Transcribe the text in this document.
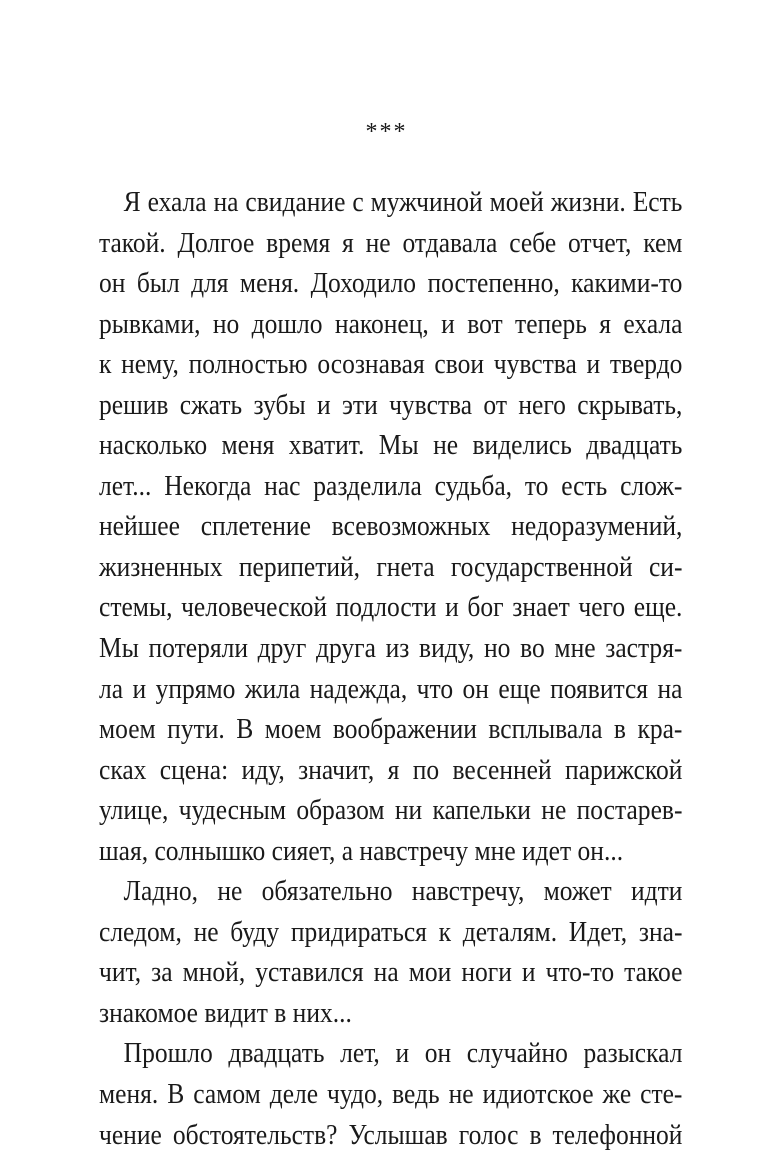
***
Я ехала на свидание с мужчиной моей жизни. Есть
такой. Долгое время я не отдавала себе отчет, кем
он был для меня. Доходило постепенно, какими-то
рывками, но дошло наконец, и вот теперь я ехала
к нему, полностью осознавая свои чувства и твердо
решив сжать зубы и эти чувства от него скрывать,
насколько меня хватит. Мы не виделись двадцать
лет... Некогда нас разделила судьба, то есть слож-
нейшее сплетение всевозможных недоразумений,
жизненных перипетий, гнета государственной си-
стемы, человеческой подлости и бог знает чего еще.
Мы потеряли друг друга из виду, но во мне застря-
ла и упрямо жила надежда, что он еще появится на
моем пути. В моем воображении всплывала в кра-
сках сцена: иду, значит, я по весенней парижской
улице, чудесным образом ни капельки не постарев-
шая, солнышко сияет, а навстречу мне идет он...
Ладно, не обязательно навстречу, может идти
следом, не буду придираться к деталям. Идет, зна-
чит, за мной, уставился на мои ноги и что-то такое
знакомое видит в них...
Прошло двадцать лет, и он случайно разыскал
меня. В самом деле чудо, ведь не идиотское же сте-
чение обстоятельств? Услышав голос в телефонной
